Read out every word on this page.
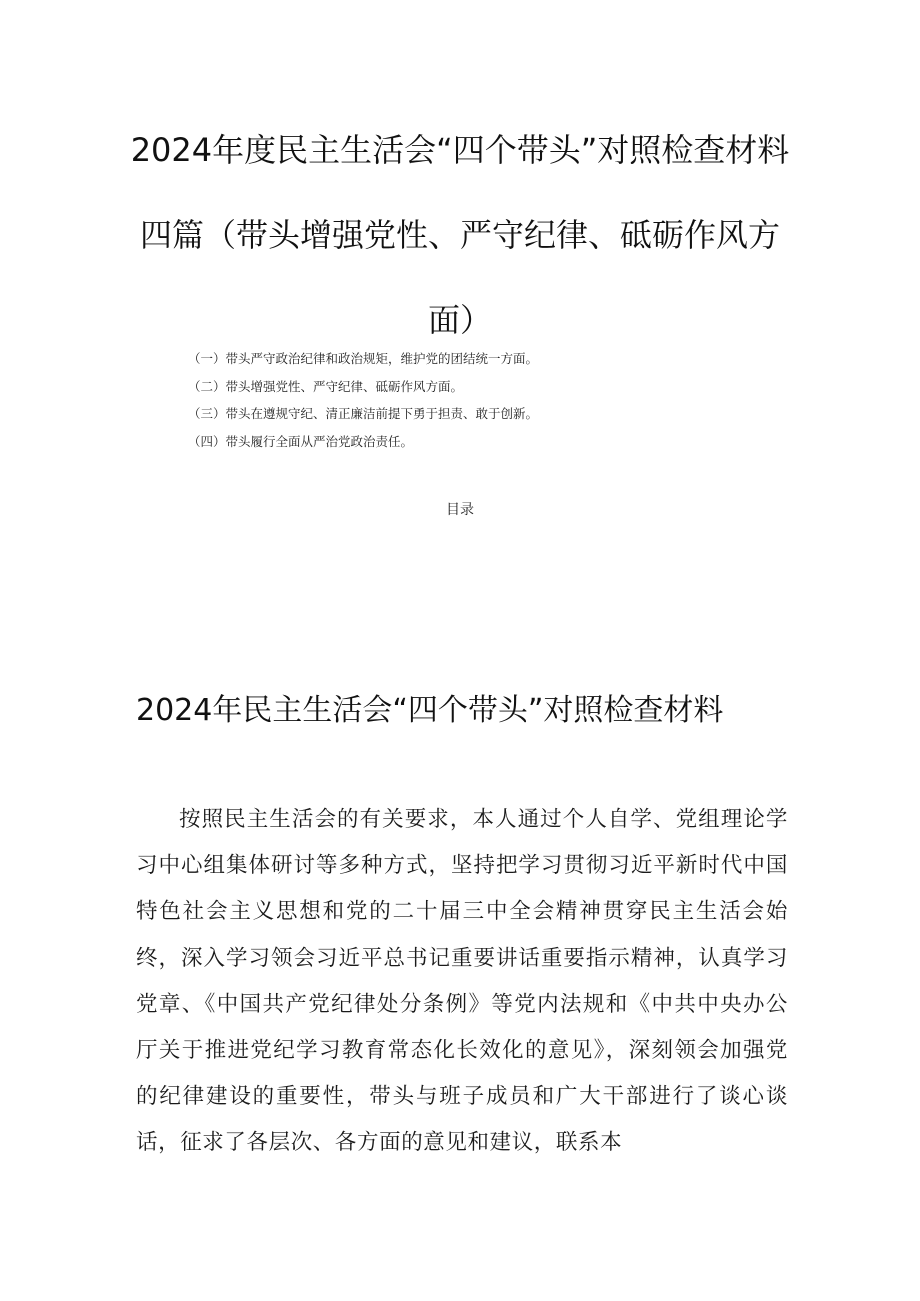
2024年度民主生活会“四个带头”对照检查材料四篇（带头增强党性、严守纪律、砥砺作风方面）
（一）带头严守政治纪律和政治规矩，维护党的团结统一方面。
（二）带头增强党性、严守纪律、砥砺作风方面。
（三）带头在遵规守纪、清正廉洁前提下勇于担责、敢于创新。
（四）带头履行全面从严治党政治责任。
目录
2024年民主生活会“四个带头”对照检查材料

按照民主生活会的有关要求，本人通过个人自学、党组理论学习中心组集体研讨等多种方式，坚持把学习贯彻习近平新时代中国特色社会主义思想和党的二十届三中全会精神贯穿民主生活会始终，深入学习领会习近平总书记重要讲话重要指示精神，认真学习党章、《中国共产党纪律处分条例》等党内法规和《中共中央办公厅关于推进党纪学习教育常态化长效化的意见》，深刻领会加强党的纪律建设的重要性，带头与班子成员和广大干部进行了谈心谈话，征求了各层次、各方面的意见和建议，联系本
